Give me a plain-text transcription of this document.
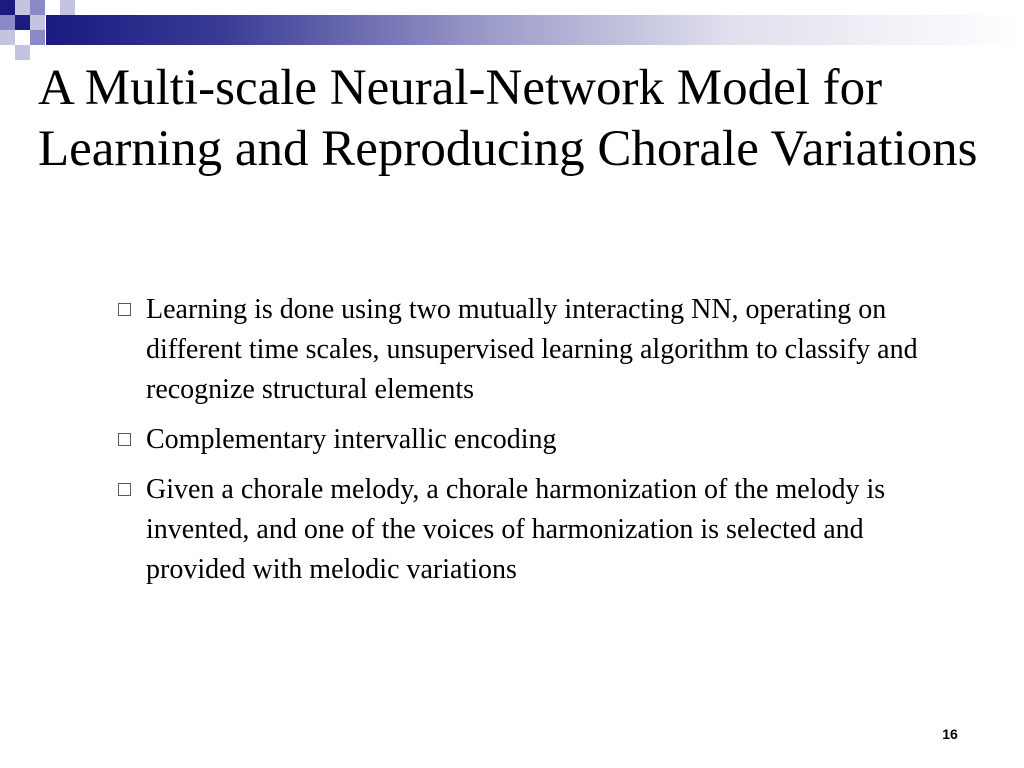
A Multi-scale Neural-Network Model for Learning and Reproducing Chorale Variations
Learning is done using two mutually interacting NN, operating on different time scales, unsupervised learning algorithm to classify and recognize structural elements
Complementary intervallic encoding
Given a chorale melody, a chorale harmonization of the melody is invented, and one of the voices of harmonization is selected and provided with melodic variations
16
